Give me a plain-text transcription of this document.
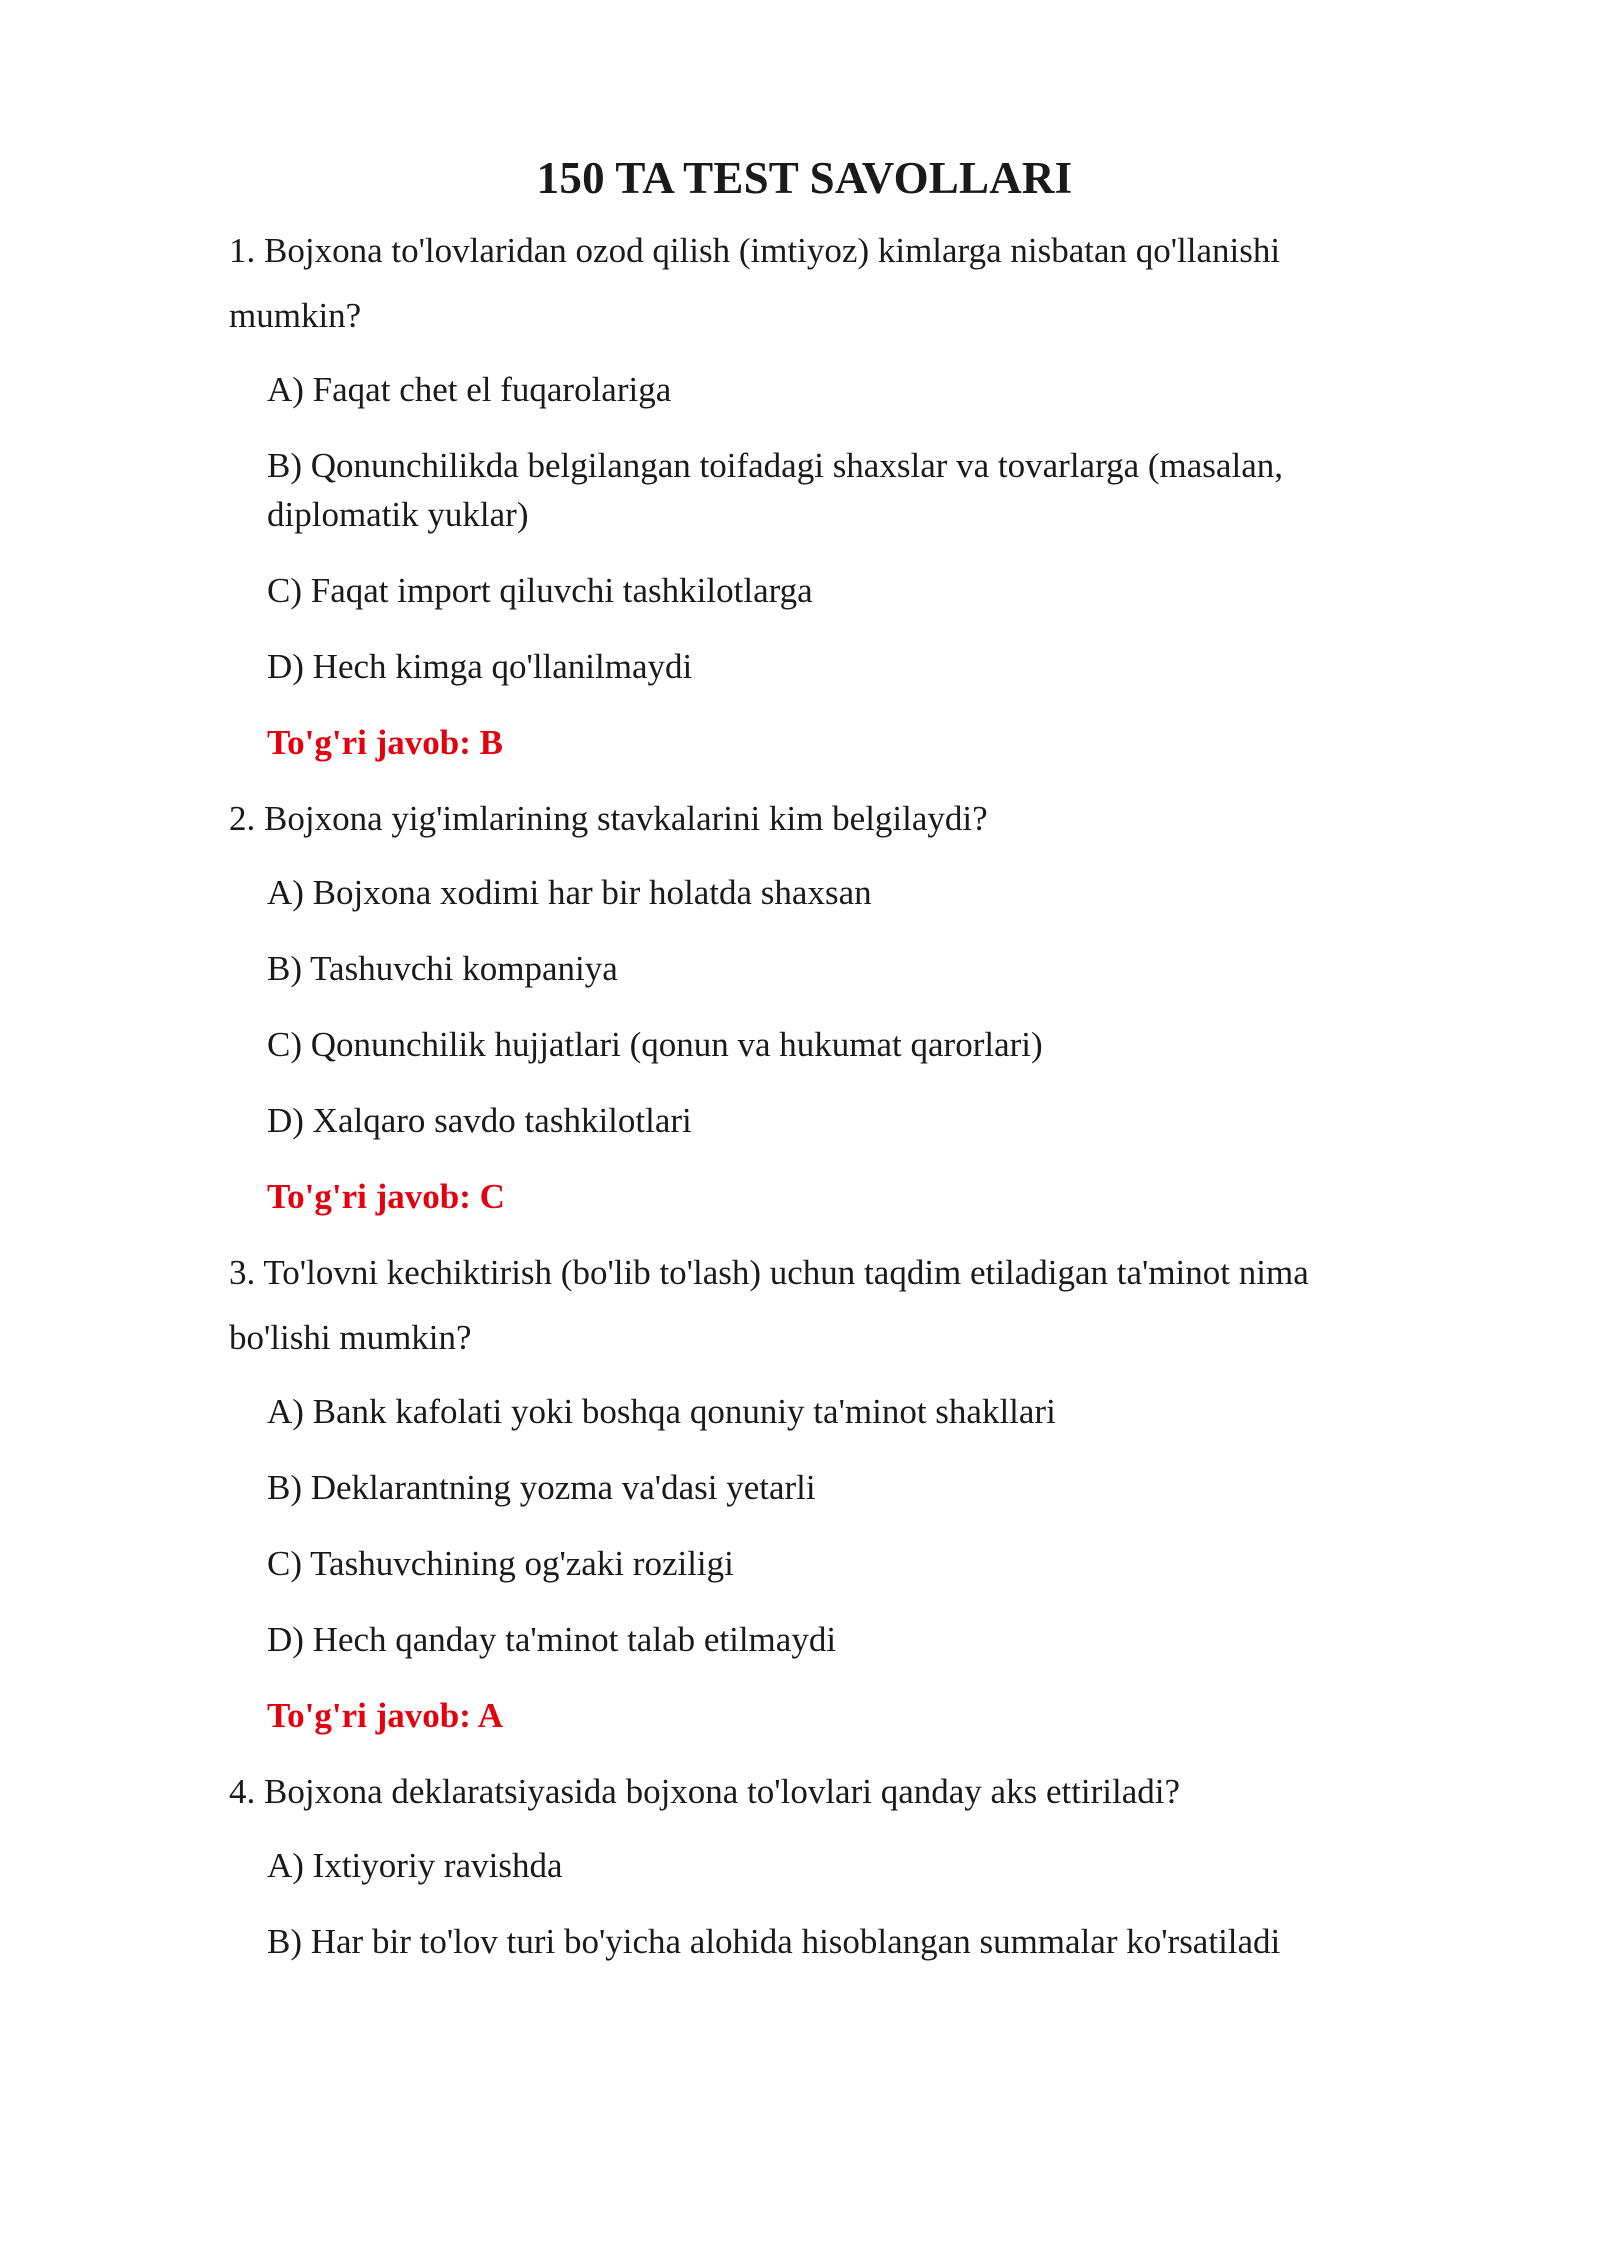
150 TA TEST SAVOLLARI

1. Bojxona to'lovlaridan ozod qilish (imtiyoz) kimlarga nisbatan qo'llanishi mumkin?

A) Faqat chet el fuqarolariga
B) Qonunchilikda belgilangan toifadagi shaxslar va tovarlarga (masalan, diplomatik yuklar)
C) Faqat import qiluvchi tashkilotlarga
D) Hech kimga qo'llanilmaydi
To'g'ri javob: B

2. Bojxona yig'imlarining stavkalarini kim belgilaydi?

A) Bojxona xodimi har bir holatda shaxsan
B) Tashuvchi kompaniya
C) Qonunchilik hujjatlari (qonun va hukumat qarorlari)
D) Xalqaro savdo tashkilotlari
To'g'ri javob: C

3. To'lovni kechiktirish (bo'lib to'lash) uchun taqdim etiladigan ta'minot nima bo'lishi mumkin?

A) Bank kafolati yoki boshqa qonuniy ta'minot shakllari
B) Deklarantning yozma va'dasi yetarli
C) Tashuvchining og'zaki roziligi
D) Hech qanday ta'minot talab etilmaydi
To'g'ri javob: A

4. Bojxona deklaratsiyasida bojxona to'lovlari qanday aks ettiriladi?

A) Ixtiyoriy ravishda
B) Har bir to'lov turi bo'yicha alohida hisoblangan summalar ko'rsatiladi
